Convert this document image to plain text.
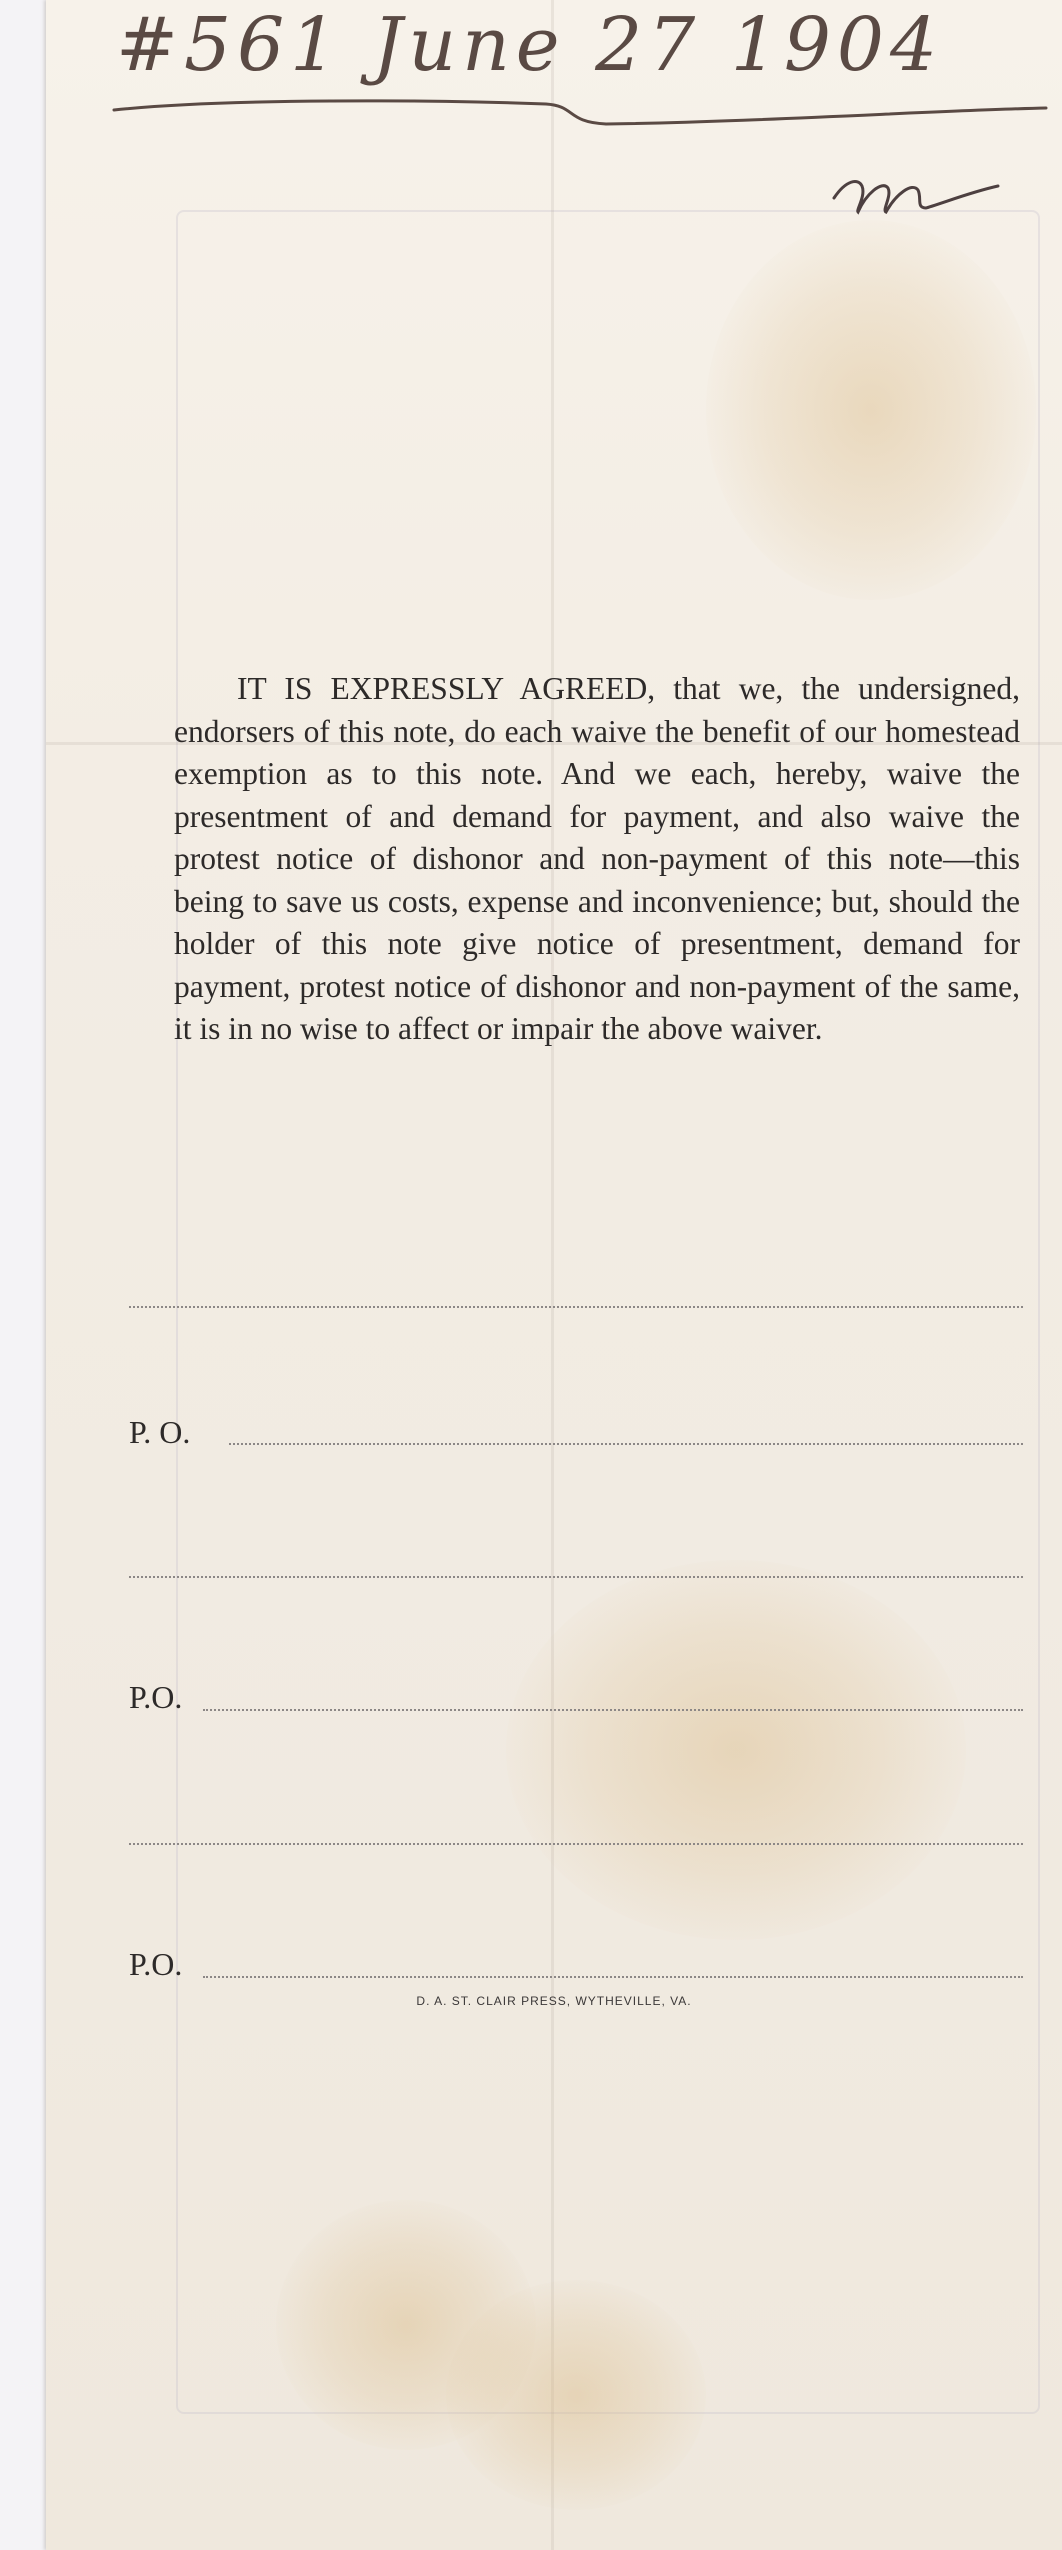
#561 June 27 1904

IT IS EXPRESSLY AGREED, that we, the undersigned, endorsers of this note, do each waive the benefit of our homestead exemption as to this note. And we each, hereby, waive the presentment of and demand for payment, and also waive the protest notice of dishonor and non-payment of this note—this being to save us costs, expense and inconvenience; but, should the holder of this note give notice of presentment, demand for payment, protest notice of dishonor and non-payment of the same, it is in no wise to affect or impair the above waiver.

P. O.
P.O.
P.O.
D. A. ST. CLAIR PRESS, WYTHEVILLE, VA.
